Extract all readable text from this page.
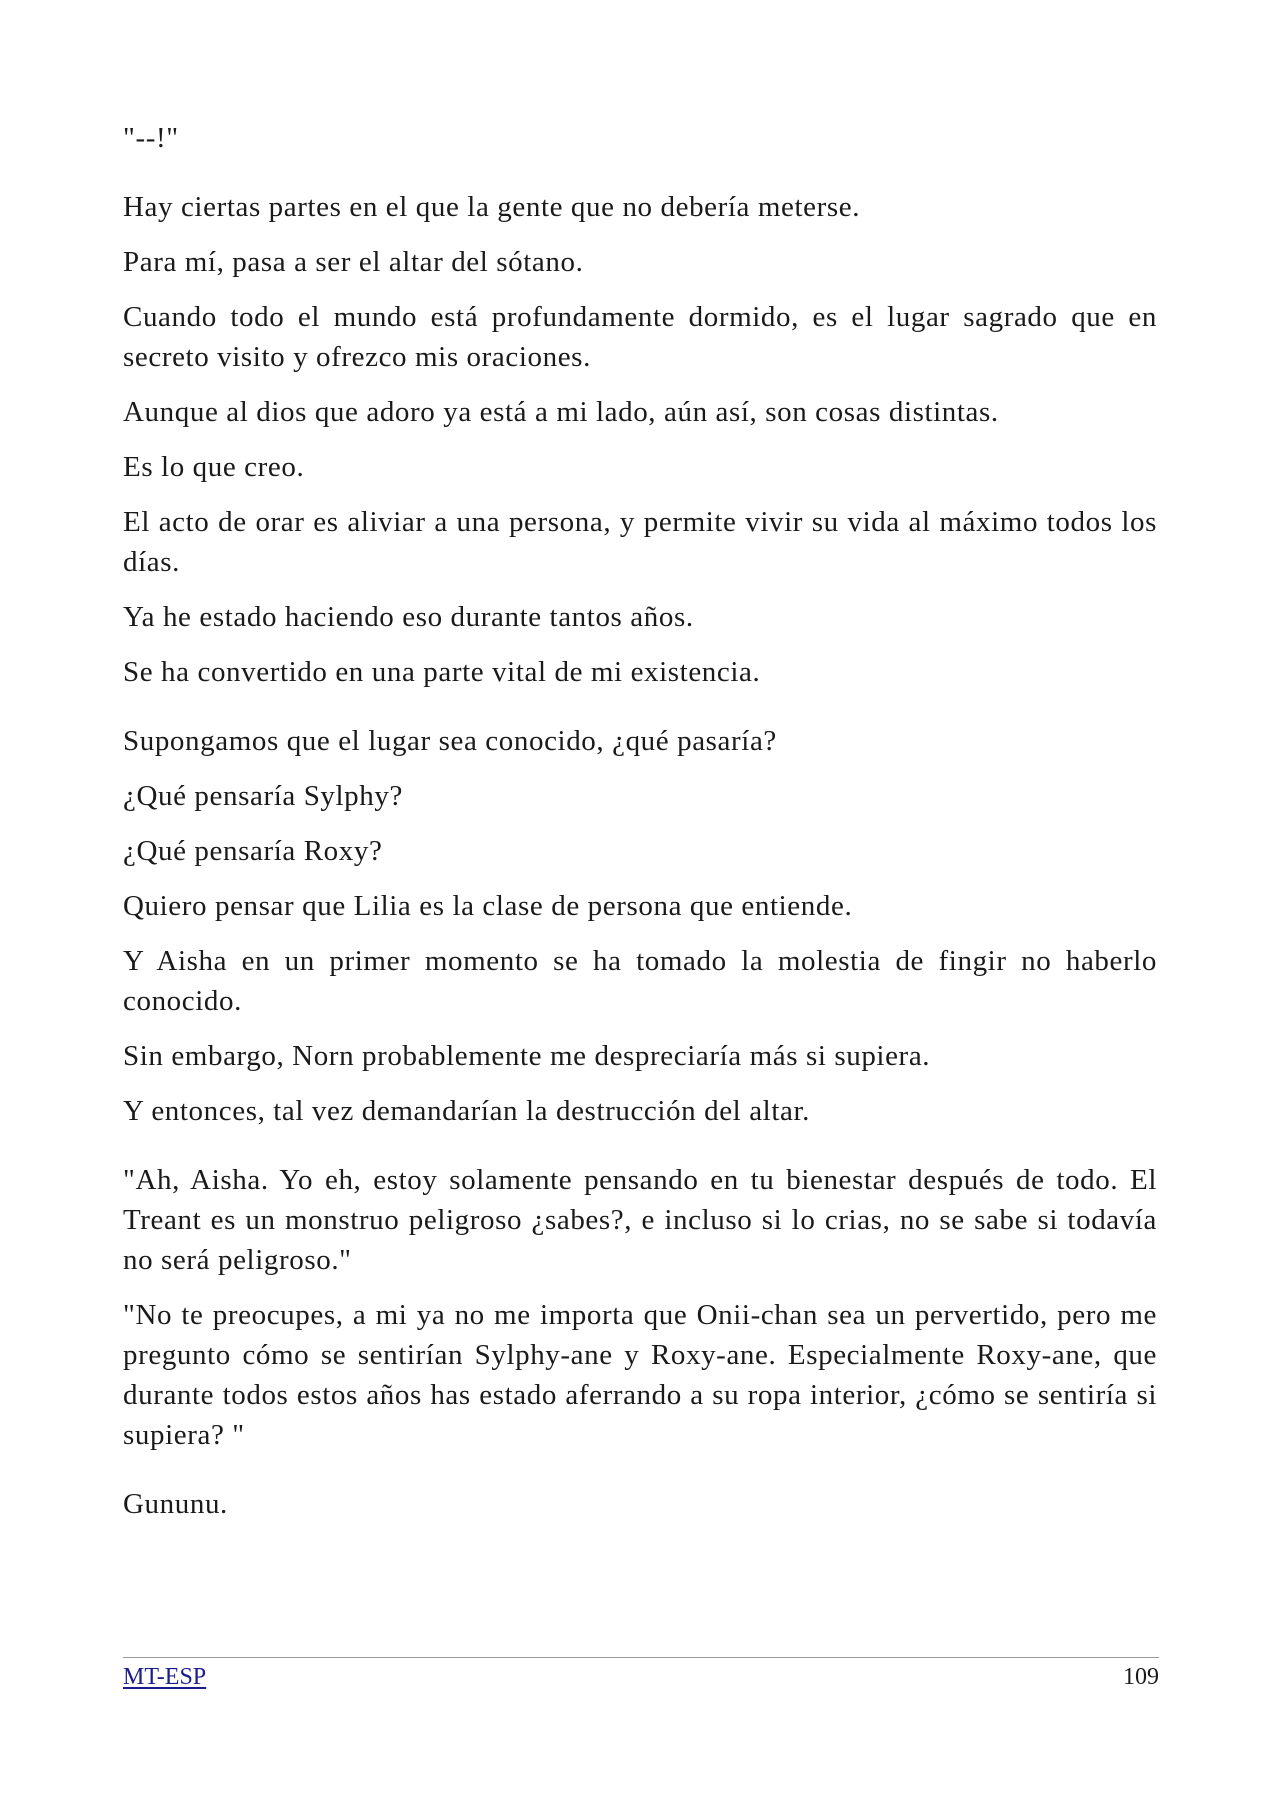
"--!"

Hay ciertas partes en el que la gente que no debería meterse.

Para mí, pasa a ser el altar del sótano.

Cuando todo el mundo está profundamente dormido, es el lugar sagrado que en secreto visito y ofrezco mis oraciones.

Aunque al dios que adoro ya está a mi lado, aún así, son cosas distintas.

Es lo que creo.

El acto de orar es aliviar a una persona, y permite vivir su vida al máximo todos los días.

Ya he estado haciendo eso durante tantos años.

Se ha convertido en una parte vital de mi existencia.

Supongamos que el lugar sea conocido, ¿qué pasaría?

¿Qué pensaría Sylphy?

¿Qué pensaría Roxy?

Quiero pensar que Lilia es la clase de persona que entiende.

Y Aisha en un primer momento se ha tomado la molestia de fingir no haberlo conocido.

Sin embargo, Norn probablemente me despreciaría más si supiera.

Y entonces, tal vez demandarían la destrucción del altar.

"Ah, Aisha. Yo eh, estoy solamente pensando en tu bienestar después de todo. El Treant es un monstruo peligroso ¿sabes?, e incluso si lo crias, no se sabe si todavía no será peligroso."

"No te preocupes, a mi ya no me importa que Onii-chan sea un pervertido, pero me pregunto cómo se sentirían Sylphy-ane y Roxy-ane. Especialmente Roxy-ane, que durante todos estos años has estado aferrando a su ropa interior, ¿cómo se sentiría si supiera? "

Gununu.

MT-ESP	109
